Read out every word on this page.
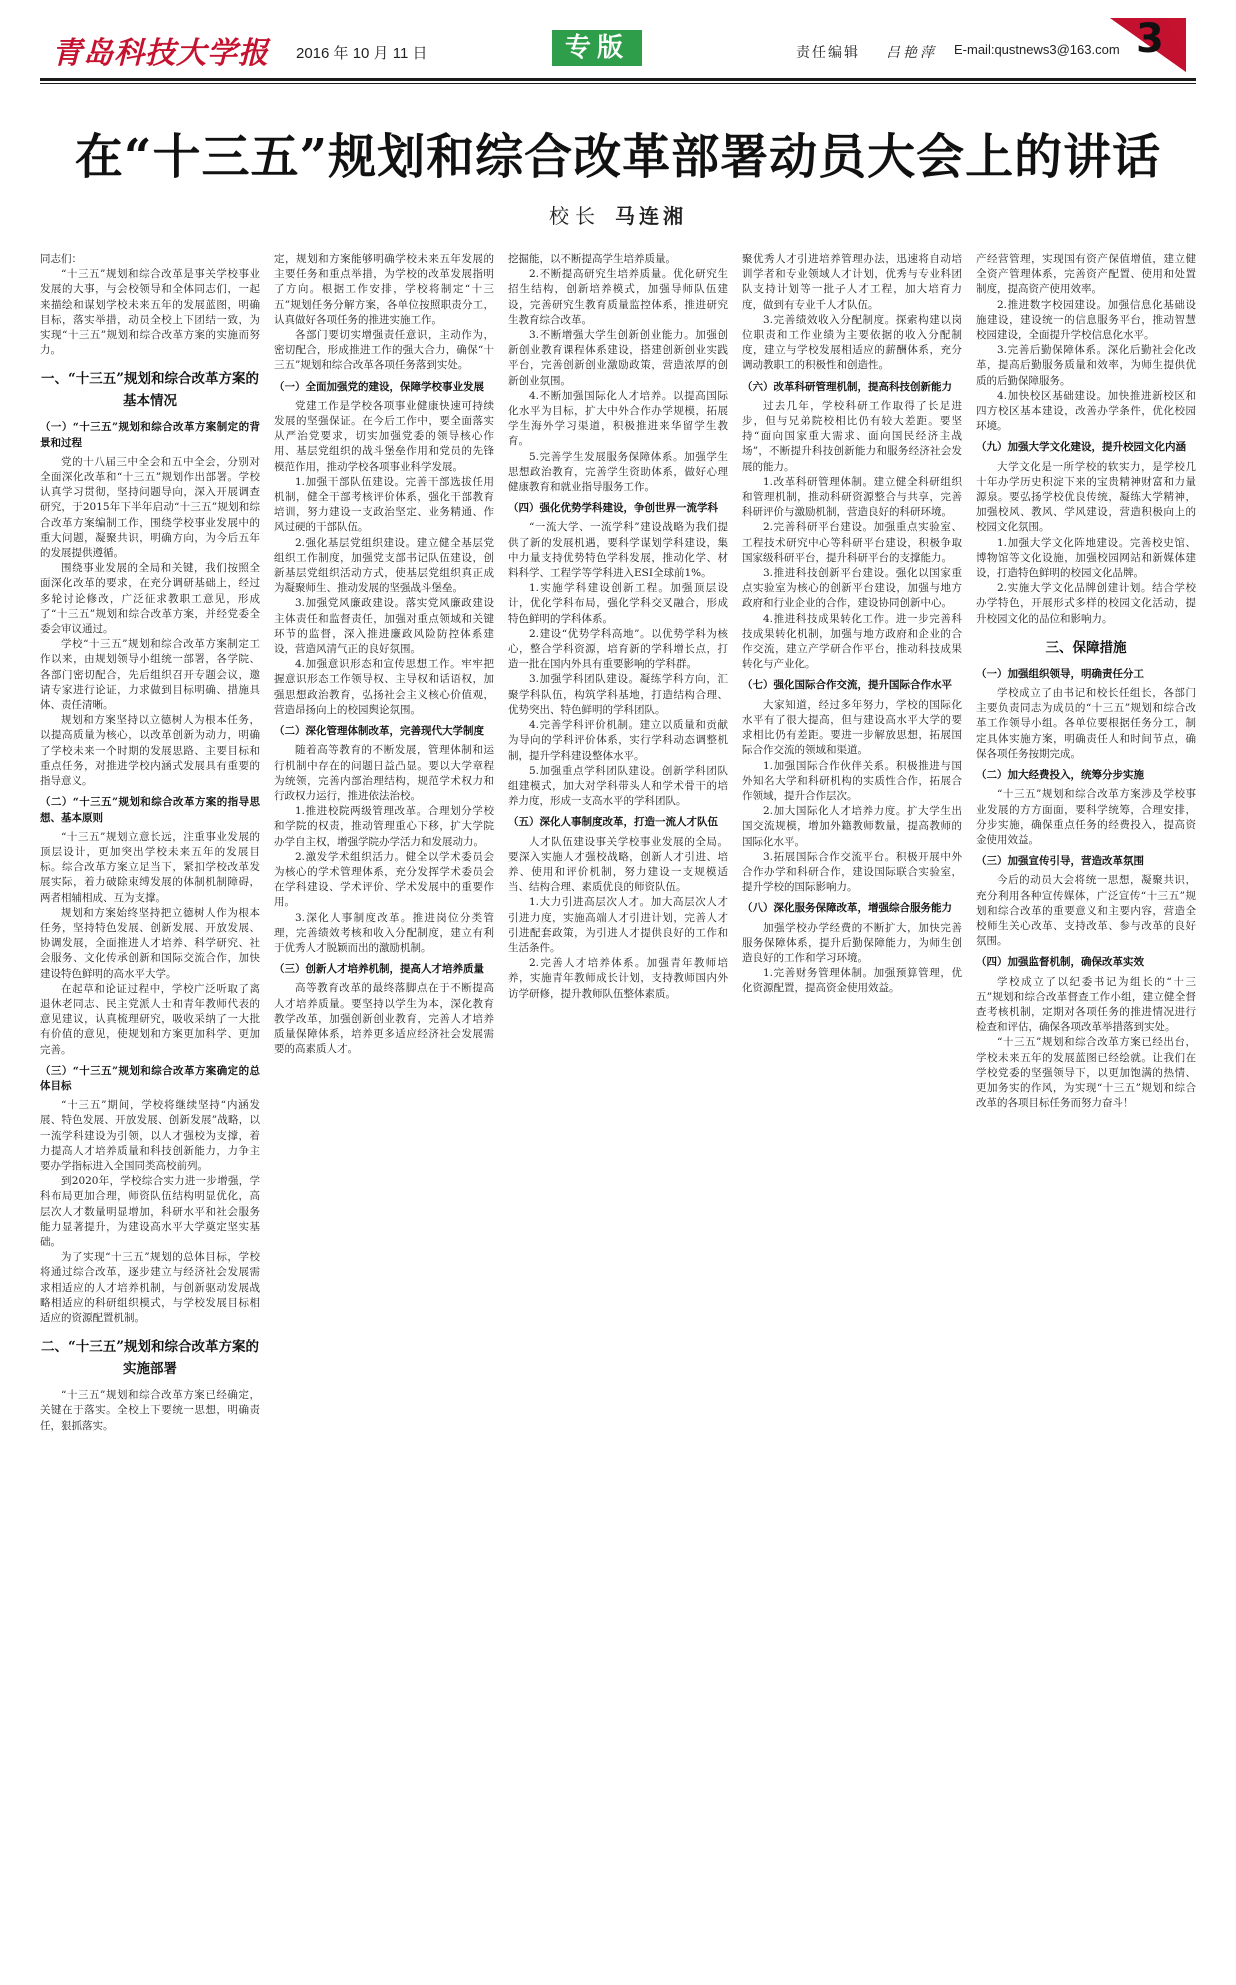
青岛科技大学报 2016 年 10 月 11 日	专版	责任编辑 吕艳萍 E-mail:qustnews3@163.com 3
在“十三五”规划和综合改革部署动员大会上的讲话
校长 马连湘

同志们：

“十三五”规划和综合改革是事关学校事业发展的大事，与会校领导和全体同志们，一起来描绘和谋划学校未来五年的发展蓝图，明确目标，落实举措，动员全校上下团结一致，为实现“十三五”规划和综合改革方案的实施而努力。

一、“十三五”规划和综合改革方案的基本情况
（一）“十三五”规划和综合改革方案制定的背景和过程

党的十八届三中全会和五中全会，分别对全面深化改革和“十三五”规划作出部署。学校认真学习贯彻，坚持问题导向，深入开展调查研究，于2015年下半年启动“十三五”规划和综合改革方案编制工作，围绕学校事业发展中的重大问题，凝聚共识，明确方向，为今后五年的发展提供遵循。

围绕事业发展的全局和关键，我们按照全面深化改革的要求，在充分调研基础上，经过多轮讨论修改，广泛征求教职工意见，形成了“十三五”规划和综合改革方案，并经党委全委会审议通过。

学校“十三五”规划和综合改革方案制定工作以来，由规划领导小组统一部署，各学院、各部门密切配合，先后组织召开专题会议，邀请专家进行论证，力求做到目标明确、措施具体、责任清晰。

规划和方案坚持以立德树人为根本任务，以提高质量为核心，以改革创新为动力，明确了学校未来一个时期的发展思路、主要目标和重点任务，对推进学校内涵式发展具有重要的指导意义。

（二）“十三五”规划和综合改革方案的指导思想、基本原则

“十三五”规划立意长远，注重事业发展的顶层设计，更加突出学校未来五年的发展目标。综合改革方案立足当下，紧扣学校改革发展实际，着力破除束缚发展的体制机制障碍，两者相辅相成、互为支撑。

规划和方案始终坚持把立德树人作为根本任务，坚持特色发展、创新发展、开放发展、协调发展，全面推进人才培养、科学研究、社会服务、文化传承创新和国际交流合作，加快建设特色鲜明的高水平大学。

在起草和论证过程中，学校广泛听取了离退休老同志、民主党派人士和青年教师代表的意见建议，认真梳理研究，吸收采纳了一大批有价值的意见，使规划和方案更加科学、更加完善。

（三）“十三五”规划和综合改革方案确定的总体目标

“十三五”期间，学校将继续坚持“内涵发展、特色发展、开放发展、创新发展”战略，以一流学科建设为引领，以人才强校为支撑，着力提高人才培养质量和科技创新能力，力争主要办学指标进入全国同类高校前列。

到2020年，学校综合实力进一步增强，学科布局更加合理，师资队伍结构明显优化，高层次人才数量明显增加，科研水平和社会服务能力显著提升，为建设高水平大学奠定坚实基础。

为了实现“十三五”规划的总体目标，学校将通过综合改革，逐步建立与经济社会发展需求相适应的人才培养机制，与创新驱动发展战略相适应的科研组织模式，与学校发展目标相适应的资源配置机制。

二、“十三五”规划和综合改革方案的实施部署

“十三五”规划和综合改革方案已经确定，关键在于落实。全校上下要统一思想，明确责任，狠抓落实。

定，规划和方案能够明确学校未来五年发展的主要任务和重点举措，为学校的改革发展指明了方向。根据工作安排，学校将制定“十三五”规划任务分解方案，各单位按照职责分工，认真做好各项任务的推进实施工作。

各部门要切实增强责任意识，主动作为，密切配合，形成推进工作的强大合力，确保“十三五”规划和综合改革各项任务落到实处。

（一）全面加强党的建设，保障学校事业发展

党建工作是学校各项事业健康快速可持续发展的坚强保证。在今后工作中，要全面落实从严治党要求，切实加强党委的领导核心作用、基层党组织的战斗堡垒作用和党员的先锋模范作用，推动学校各项事业科学发展。

1.加强干部队伍建设。完善干部选拔任用机制，健全干部考核评价体系，强化干部教育培训，努力建设一支政治坚定、业务精通、作风过硬的干部队伍。

2.强化基层党组织建设。建立健全基层党组织工作制度，加强党支部书记队伍建设，创新基层党组织活动方式，使基层党组织真正成为凝聚师生、推动发展的坚强战斗堡垒。

3.加强党风廉政建设。落实党风廉政建设主体责任和监督责任，加强对重点领域和关键环节的监督，深入推进廉政风险防控体系建设，营造风清气正的良好氛围。

4.加强意识形态和宣传思想工作。牢牢把握意识形态工作领导权、主导权和话语权，加强思想政治教育，弘扬社会主义核心价值观，营造昂扬向上的校园舆论氛围。

（二）深化管理体制改革，完善现代大学制度

随着高等教育的不断发展，管理体制和运行机制中存在的问题日益凸显。要以大学章程为统领，完善内部治理结构，规范学术权力和行政权力运行，推进依法治校。

1.推进校院两级管理改革。合理划分学校和学院的权责，推动管理重心下移，扩大学院办学自主权，增强学院办学活力和发展动力。

2.激发学术组织活力。健全以学术委员会为核心的学术管理体系，充分发挥学术委员会在学科建设、学术评价、学术发展中的重要作用。

3.深化人事制度改革。推进岗位分类管理，完善绩效考核和收入分配制度，建立有利于优秀人才脱颖而出的激励机制。

（三）创新人才培养机制，提高人才培养质量

高等教育改革的最终落脚点在于不断提高人才培养质量。要坚持以学生为本，深化教育教学改革，加强创新创业教育，完善人才培养质量保障体系，培养更多适应经济社会发展需要的高素质人才。

挖掘能，以不断提高学生培养质量。

2.不断提高研究生培养质量。优化研究生招生结构，创新培养模式，加强导师队伍建设，完善研究生教育质量监控体系，推进研究生教育综合改革。

3.不断增强大学生创新创业能力。加强创新创业教育课程体系建设，搭建创新创业实践平台，完善创新创业激励政策，营造浓厚的创新创业氛围。

4.不断加强国际化人才培养。以提高国际化水平为目标，扩大中外合作办学规模，拓展学生海外学习渠道，积极推进来华留学生教育。

5.完善学生发展服务保障体系。加强学生思想政治教育，完善学生资助体系，做好心理健康教育和就业指导服务工作。

（四）强化优势学科建设，争创世界一流学科

“一流大学、一流学科”建设战略为我们提供了新的发展机遇，要科学谋划学科建设，集中力量支持优势特色学科发展，推动化学、材料科学、工程学等学科进入ESI全球前1%。

1.实施学科建设创新工程。加强顶层设计，优化学科布局，强化学科交叉融合，形成特色鲜明的学科体系。

2.建设“优势学科高地”。以优势学科为核心，整合学科资源，培育新的学科增长点，打造一批在国内外具有重要影响的学科群。

3.加强学科团队建设。凝练学科方向，汇聚学科队伍，构筑学科基地，打造结构合理、优势突出、特色鲜明的学科团队。

4.完善学科评价机制。建立以质量和贡献为导向的学科评价体系，实行学科动态调整机制，提升学科建设整体水平。

5.加强重点学科团队建设。创新学科团队组建模式，加大对学科带头人和学术骨干的培养力度，形成一支高水平的学科团队。

（五）深化人事制度改革，打造一流人才队伍

人才队伍建设事关学校事业发展的全局。要深入实施人才强校战略，创新人才引进、培养、使用和评价机制，努力建设一支规模适当、结构合理、素质优良的师资队伍。

1.大力引进高层次人才。加大高层次人才引进力度，实施高端人才引进计划，完善人才引进配套政策，为引进人才提供良好的工作和生活条件。

2.完善人才培养体系。加强青年教师培养，实施青年教师成长计划，支持教师国内外访学研修，提升教师队伍整体素质。

聚优秀人才引进培养管理办法，迅速将自动培训学者和专业领域人才计划，优秀与专业科团队支持计划等一批子人才工程，加大培育力度，做到有专业千人才队伍。

3.完善绩效收入分配制度。探索构建以岗位职责和工作业绩为主要依据的收入分配制度，建立与学校发展相适应的薪酬体系，充分调动教职工的积极性和创造性。

（六）改革科研管理机制，提高科技创新能力

过去几年，学校科研工作取得了长足进步，但与兄弟院校相比仍有较大差距。要坚持“面向国家重大需求、面向国民经济主战场”，不断提升科技创新能力和服务经济社会发展的能力。

1.改革科研管理体制。建立健全科研组织和管理机制，推动科研资源整合与共享，完善科研评价与激励机制，营造良好的科研环境。

2.完善科研平台建设。加强重点实验室、工程技术研究中心等科研平台建设，积极争取国家级科研平台，提升科研平台的支撑能力。

3.推进科技创新平台建设。强化以国家重点实验室为核心的创新平台建设，加强与地方政府和行业企业的合作，建设协同创新中心。

4.推进科技成果转化工作。进一步完善科技成果转化机制，加强与地方政府和企业的合作交流，建立产学研合作平台，推动科技成果转化与产业化。

（七）强化国际合作交流，提升国际合作水平

大家知道，经过多年努力，学校的国际化水平有了很大提高，但与建设高水平大学的要求相比仍有差距。要进一步解放思想，拓展国际合作交流的领域和渠道。

1.加强国际合作伙伴关系。积极推进与国外知名大学和科研机构的实质性合作，拓展合作领域，提升合作层次。

2.加大国际化人才培养力度。扩大学生出国交流规模，增加外籍教师数量，提高教师的国际化水平。

3.拓展国际合作交流平台。积极开展中外合作办学和科研合作，建设国际联合实验室，提升学校的国际影响力。

（八）深化服务保障改革，增强综合服务能力

加强学校办学经费的不断扩大，加快完善服务保障体系，提升后勤保障能力，为师生创造良好的工作和学习环境。

1.完善财务管理体制。加强预算管理，优化资源配置，提高资金使用效益。

产经营管理，实现国有资产保值增值，建立健全资产管理体系，完善资产配置、使用和处置制度，提高资产使用效率。

2.推进数字校园建设。加强信息化基础设施建设，建设统一的信息服务平台，推动智慧校园建设，全面提升学校信息化水平。

3.完善后勤保障体系。深化后勤社会化改革，提高后勤服务质量和效率，为师生提供优质的后勤保障服务。

4.加快校区基础建设。加快推进新校区和四方校区基本建设，改善办学条件，优化校园环境。

（九）加强大学文化建设，提升校园文化内涵

大学文化是一所学校的软实力，是学校几十年办学历史积淀下来的宝贵精神财富和力量源泉。要弘扬学校优良传统，凝练大学精神，加强校风、教风、学风建设，营造积极向上的校园文化氛围。

1.加强大学文化阵地建设。完善校史馆、博物馆等文化设施，加强校园网站和新媒体建设，打造特色鲜明的校园文化品牌。

2.实施大学文化品牌创建计划。结合学校办学特色，开展形式多样的校园文化活动，提升校园文化的品位和影响力。

三、保障措施
（一）加强组织领导，明确责任分工

学校成立了由书记和校长任组长，各部门主要负责同志为成员的“十三五”规划和综合改革工作领导小组。各单位要根据任务分工，制定具体实施方案，明确责任人和时间节点，确保各项任务按期完成。

（二）加大经费投入，统筹分步实施

“十三五”规划和综合改革方案涉及学校事业发展的方方面面，要科学统筹，合理安排，分步实施，确保重点任务的经费投入，提高资金使用效益。

（三）加强宣传引导，营造改革氛围

今后的动员大会将统一思想，凝聚共识，充分利用各种宣传媒体，广泛宣传“十三五”规划和综合改革的重要意义和主要内容，营造全校师生关心改革、支持改革、参与改革的良好氛围。

（四）加强监督机制，确保改革实效

学校成立了以纪委书记为组长的“十三五”规划和综合改革督查工作小组，建立健全督查考核机制，定期对各项任务的推进情况进行检查和评估，确保各项改革举措落到实处。

“十三五”规划和综合改革方案已经出台，学校未来五年的发展蓝图已经绘就。让我们在学校党委的坚强领导下，以更加饱满的热情、更加务实的作风，为实现“十三五”规划和综合改革的各项目标任务而努力奋斗！
